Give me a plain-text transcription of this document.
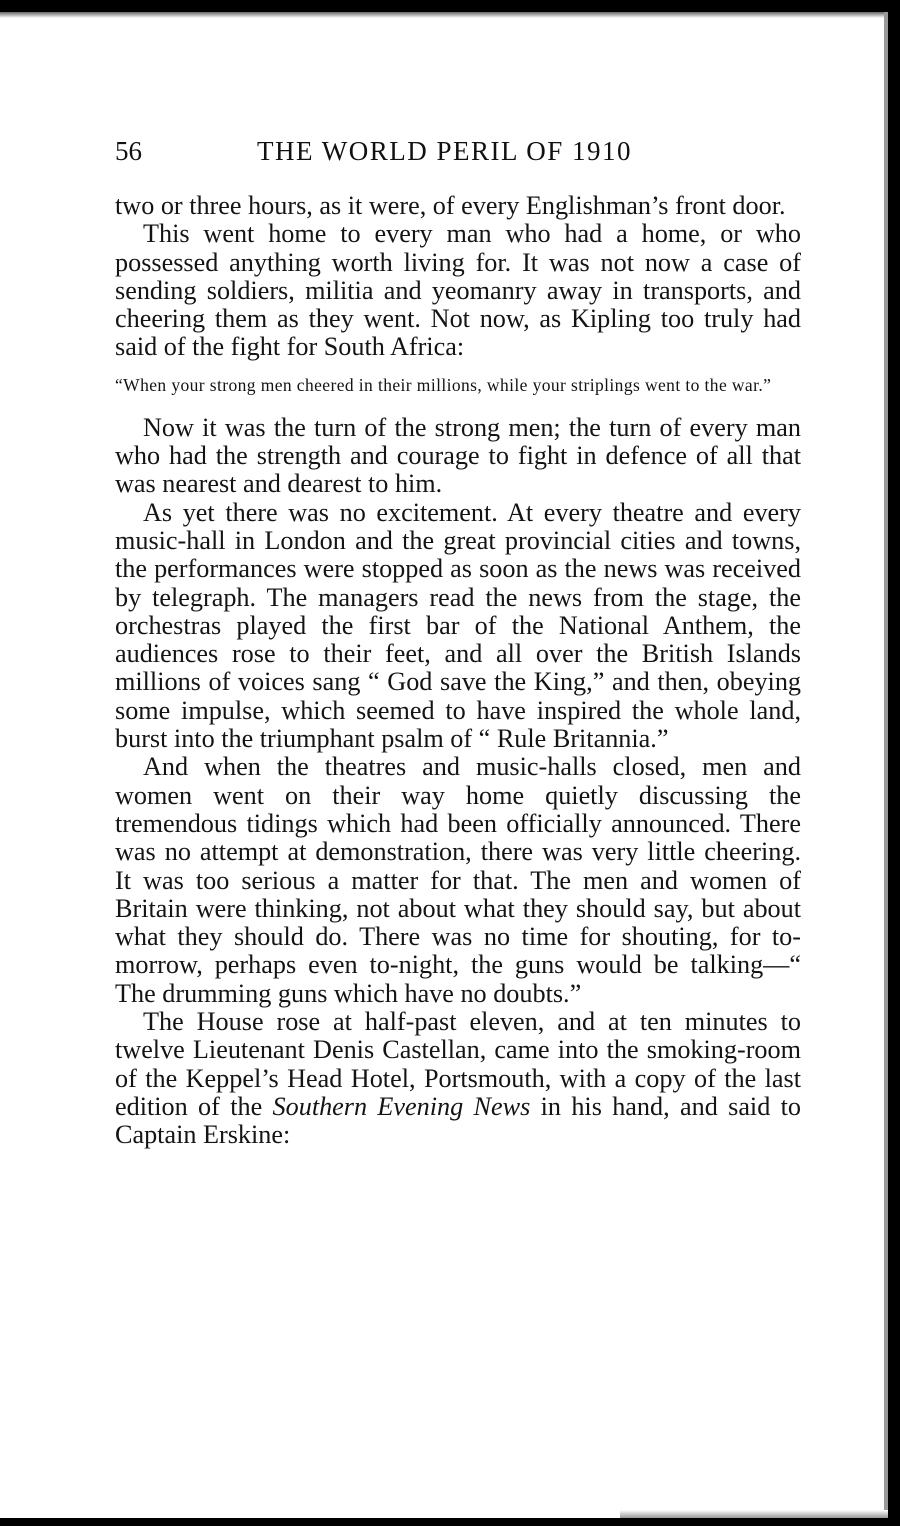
56	THE WORLD PERIL OF 1910

two or three hours, as it were, of every Englishman’s front door.

This went home to every man who had a home, or who possessed anything worth living for. It was not now a case of sending soldiers, militia and yeomanry away in transports, and cheering them as they went. Not now, as Kipling too truly had said of the fight for South Africa:

“When your strong men cheered in their millions, while your striplings went to the war.”

Now it was the turn of the strong men; the turn of every man who had the strength and courage to fight in defence of all that was nearest and dearest to him.

As yet there was no excitement. At every theatre and every music-hall in London and the great provincial cities and towns, the performances were stopped as soon as the news was received by telegraph. The managers read the news from the stage, the orchestras played the first bar of the National Anthem, the audiences rose to their feet, and all over the British Islands millions of voices sang “ God save the King,” and then, obeying some impulse, which seemed to have inspired the whole land, burst into the triumphant psalm of “ Rule Britannia.”

And when the theatres and music-halls closed, men and women went on their way home quietly discussing the tremendous tidings which had been officially announced. There was no attempt at demonstration, there was very little cheering. It was too serious a matter for that. The men and women of Britain were thinking, not about what they should say, but about what they should do. There was no time for shouting, for to-morrow, perhaps even to-night, the guns would be talking—“ The drumming guns which have no doubts.”

The House rose at half-past eleven, and at ten minutes to twelve Lieutenant Denis Castellan, came into the smoking-room of the Keppel’s Head Hotel, Portsmouth, with a copy of the last edition of the Southern Evening News in his hand, and said to Captain Erskine:
